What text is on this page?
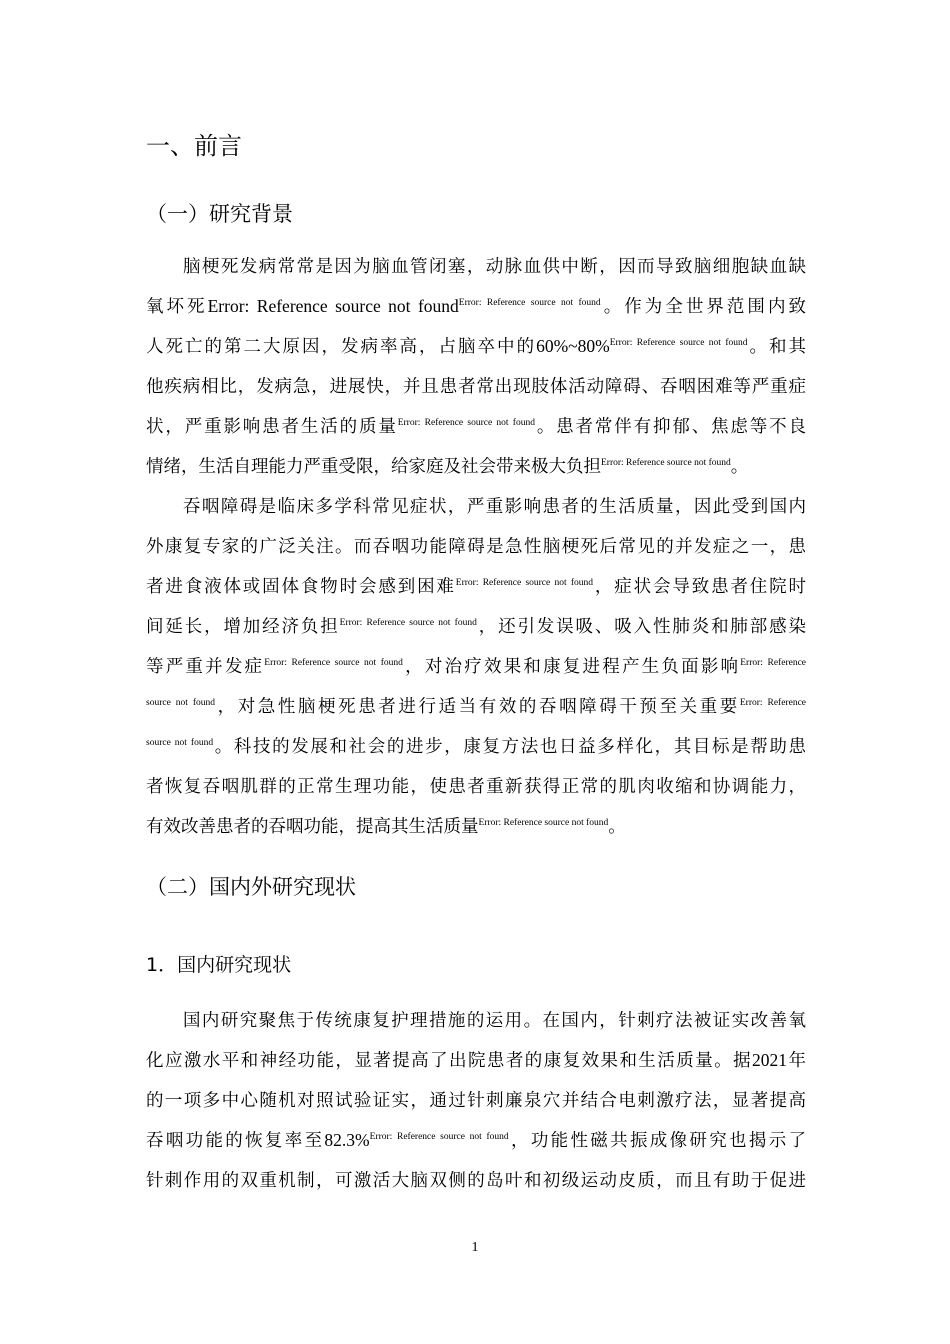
一、前言
（一）研究背景
脑梗死发病常常是因为脑血管闭塞，动脉血供中断，因而导致脑细胞缺血缺
氧坏死Error: Reference source not found$^{Error: Reference source not found}$。作为全世界范围内致
人死亡的第二大原因，发病率高，占脑卒中的60%~80%$^{Error: Reference source not found}$。和其
他疾病相比，发病急，进展快，并且患者常出现肢体活动障碍、吞咽困难等严重症
状，严重影响患者生活的质量$^{Error: Reference source not found}$。患者常伴有抑郁、焦虑等不良
情绪，生活自理能力严重受限，给家庭及社会带来极大负担$^{Error: Reference source not found}$。
吞咽障碍是临床多学科常见症状，严重影响患者的生活质量，因此受到国内
外康复专家的广泛关注。而吞咽功能障碍是急性脑梗死后常见的并发症之一，患
者进食液体或固体食物时会感到困难$^{Error: Reference source not found}$，症状会导致患者住院时
间延长，增加经济负担$^{Error: Reference source not found}$，还引发误吸、吸入性肺炎和肺部感染
等严重并发症$^{Error: Reference source not found}$，对治疗效果和康复进程产生负面影响$^{Error: Reference}$
$^{source not found}$，对急性脑梗死患者进行适当有效的吞咽障碍干预至关重要$^{Error: Reference}$
$^{source not found}$。科技的发展和社会的进步，康复方法也日益多样化，其目标是帮助患
者恢复吞咽肌群的正常生理功能，使患者重新获得正常的肌肉收缩和协调能力，
有效改善患者的吞咽功能，提高其生活质量$^{Error: Reference source not found}$。
（二）国内外研究现状
1．国内研究现状
国内研究聚焦于传统康复护理措施的运用。在国内，针刺疗法被证实改善氧
化应激水平和神经功能，显著提高了出院患者的康复效果和生活质量。据2021年
的一项多中心随机对照试验证实，通过针刺廉泉穴并结合电刺激疗法，显著提高
吞咽功能的恢复率至82.3%$^{Error: Reference source not found}$，功能性磁共振成像研究也揭示了
针刺作用的双重机制，可激活大脑双侧的岛叶和初级运动皮质，而且有助于促进
1
